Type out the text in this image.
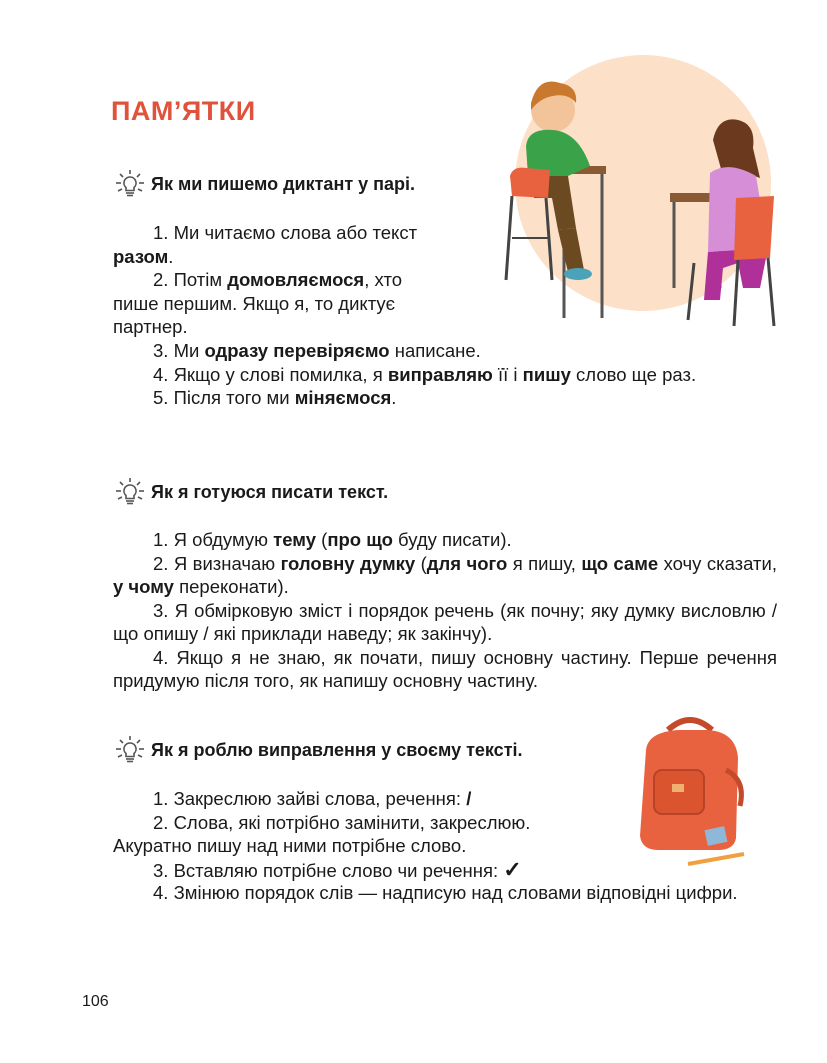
ПАМ’ЯТКИ
Як ми пишемо диктант у парі.

1. Ми читаємо слова або текст разом.

2. Потім домовляємося, хто пише першим. Якщо я, то диктує партнер.

3. Ми одразу перевіряємо написане.

4. Якщо у слові помилка, я виправляю її і пишу слово ще раз.

5. Після того ми міняємося.

Як я готуюся писати текст.

1. Я обдумую тему (про що буду писати).

2. Я визначаю головну думку (для чого я пишу, що саме хочу сказати, у чому переконати).

3. Я обмірковую зміст і порядок речень (як почну; яку думку висловлю / що опишу / які приклади наведу; як закінчу).

4. Якщо я не знаю, як почати, пишу основну частину. Перше речення придумую після того, як напишу основну частину.

Як я роблю виправлення у своєму тексті.

1. Закреслюю зайві слова, речення: /

2. Слова, які потрібно замінити, закреслюю. Акуратно пишу над ними потрібне слово.

3. Вставляю потрібне слово чи речення: ✓

4. Змінюю порядок слів — надписую над словами відповідні цифри.

106
